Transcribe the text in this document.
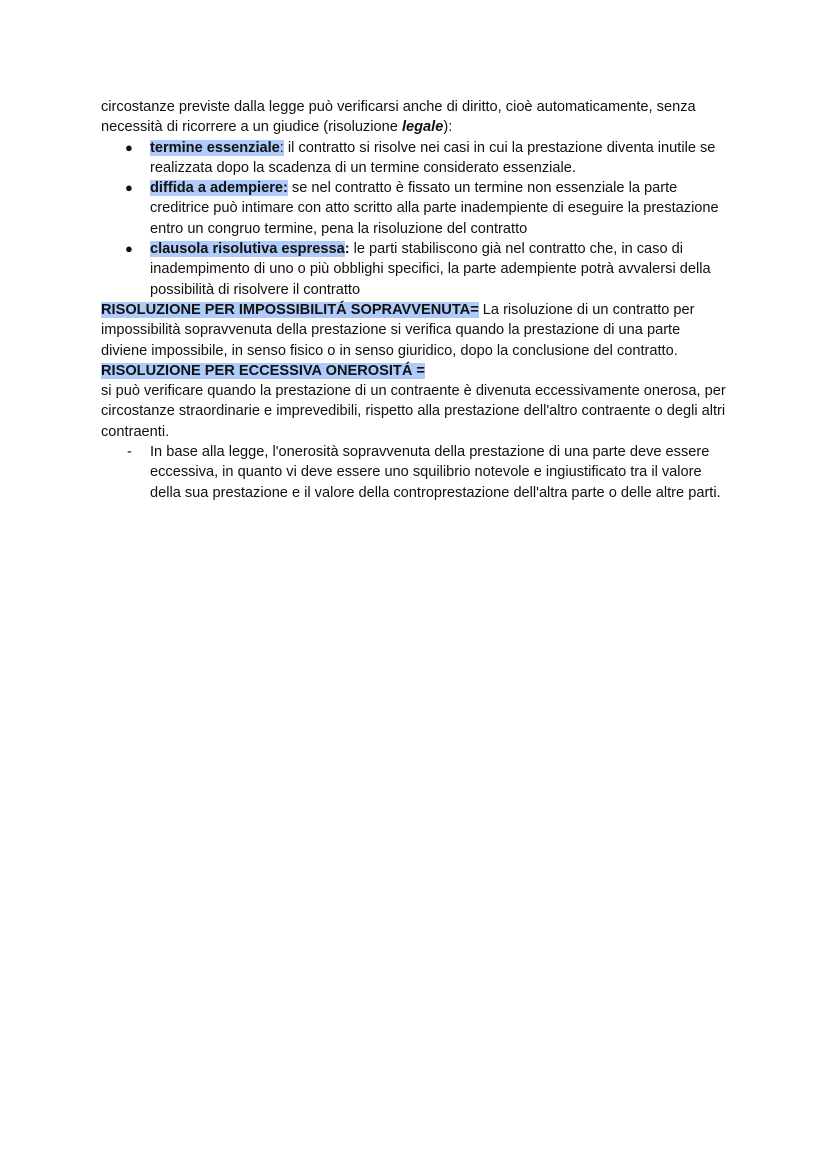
circostanze previste dalla legge può verificarsi anche di diritto, cioè automaticamente, senza necessità di ricorrere a un giudice (risoluzione legale):

● termine essenziale: il contratto si risolve nei casi in cui la prestazione diventa inutile se realizzata dopo la scadenza di un termine considerato essenziale.
● diffida a adempiere: se nel contratto è fissato un termine non essenziale la parte creditrice può intimare con atto scritto alla parte inadempiente di eseguire la prestazione entro un congruo termine, pena la risoluzione del contratto
● clausola risolutiva espressa: le parti stabiliscono già nel contratto che, in caso di inadempimento di uno o più obblighi specifici, la parte adempiente potrà avvalersi della possibilità di risolvere il contratto

RISOLUZIONE PER IMPOSSIBILITÁ SOPRAVVENUTA= La risoluzione di un contratto per impossibilità sopravvenuta della prestazione si verifica quando la prestazione di una parte diviene impossibile, in senso fisico o in senso giuridico, dopo la conclusione del contratto.

RISOLUZIONE PER ECCESSIVA ONEROSITÁ =

si può verificare quando la prestazione di un contraente è divenuta eccessivamente onerosa, per circostanze straordinarie e imprevedibili, rispetto alla prestazione dell'altro contraente o degli altri contraenti.

- In base alla legge, l'onerosità sopravvenuta della prestazione di una parte deve essere eccessiva, in quanto vi deve essere uno squilibrio notevole e ingiustificato tra il valore della sua prestazione e il valore della controprestazione dell'altra parte o delle altre parti.
